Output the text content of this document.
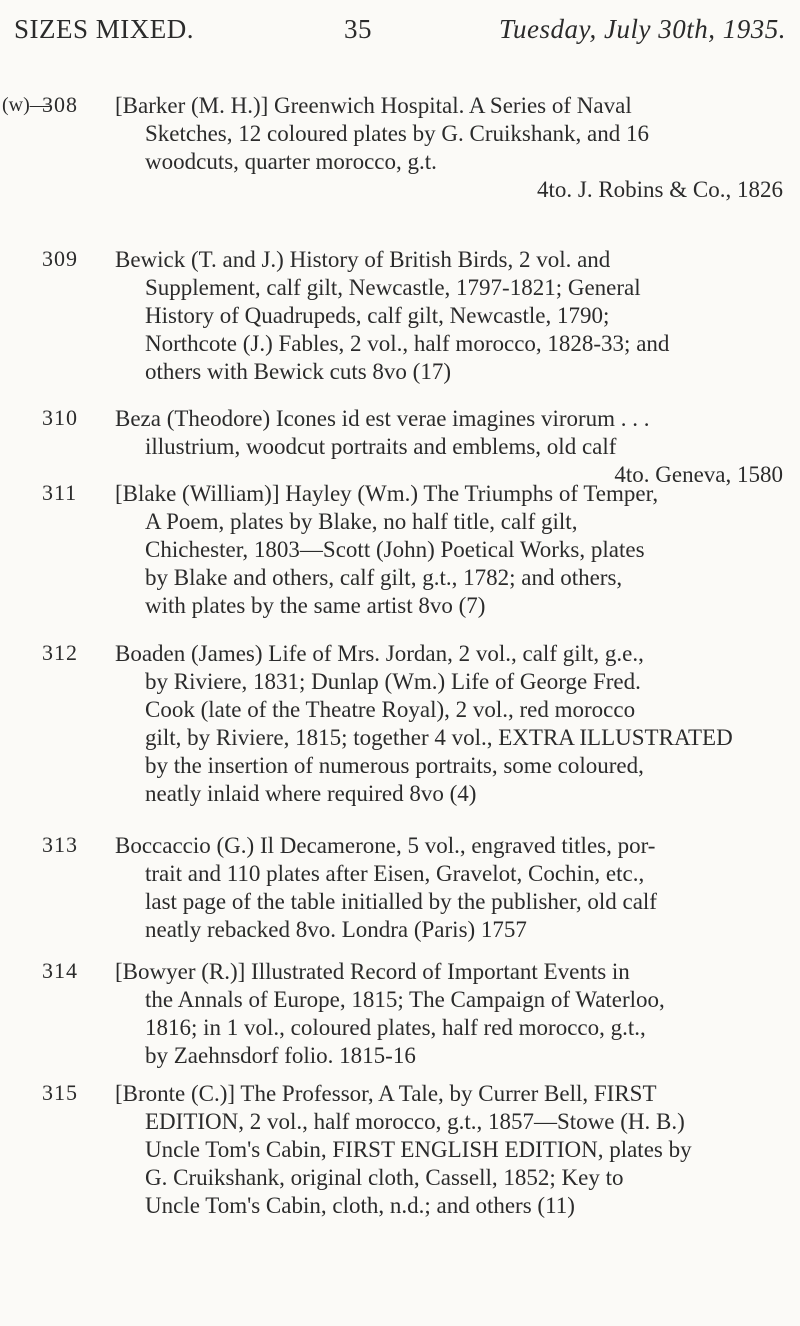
SIZES MIXED.	35	Tuesday, July 30th, 1935.
(w)—
308 [Barker (M. H.)] Greenwich Hospital. A Series of Naval
Sketches, 12 coloured plates by G. Cruikshank, and 16
woodcuts, quarter morocco, g.t.
4to. J. Robins & Co., 1826
309 Bewick (T. and J.) History of British Birds, 2 vol. and
Supplement, calf gilt, Newcastle, 1797-1821; General
History of Quadrupeds, calf gilt, Newcastle, 1790;
Northcote (J.) Fables, 2 vol., half morocco, 1828-33; and
others with Bewick cuts 8vo (17)
310 Beza (Theodore) Icones id est verae imagines virorum . . .
illustrium, woodcut portraits and emblems, old calf
4to. Geneva, 1580
311 [Blake (William)] Hayley (Wm.) The Triumphs of Temper,
A Poem, plates by Blake, no half title, calf gilt,
Chichester, 1803—Scott (John) Poetical Works, plates
by Blake and others, calf gilt, g.t., 1782; and others,
with plates by the same artist 8vo (7)
312 Boaden (James) Life of Mrs. Jordan, 2 vol., calf gilt, g.e.,
by Riviere, 1831; Dunlap (Wm.) Life of George Fred.
Cook (late of the Theatre Royal), 2 vol., red morocco
gilt, by Riviere, 1815; together 4 vol., EXTRA ILLUSTRATED
by the insertion of numerous portraits, some coloured,
neatly inlaid where required 8vo (4)
313 Boccaccio (G.) Il Decamerone, 5 vol., engraved titles, por-
trait and 110 plates after Eisen, Gravelot, Cochin, etc.,
last page of the table initialled by the publisher, old calf
neatly rebacked 8vo. Londra (Paris) 1757
314 [Bowyer (R.)] Illustrated Record of Important Events in
the Annals of Europe, 1815; The Campaign of Waterloo,
1816; in 1 vol., coloured plates, half red morocco, g.t.,
by Zaehnsdorf folio. 1815-16
315 [Bronte (C.)] The Professor, A Tale, by Currer Bell, FIRST
EDITION, 2 vol., half morocco, g.t., 1857—Stowe (H. B.)
Uncle Tom's Cabin, FIRST ENGLISH EDITION, plates by
G. Cruikshank, original cloth, Cassell, 1852; Key to
Uncle Tom's Cabin, cloth, n.d.; and others (11)
